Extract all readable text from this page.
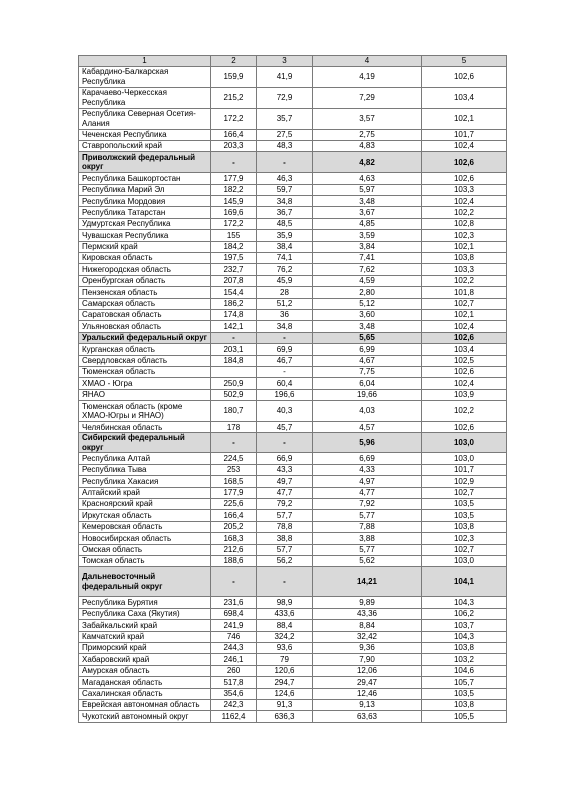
1	2	3	4	5
Кабардино-Балкарская Республика	159,9	41,9	4,19	102,6
Карачаево-Черкесская Республика	215,2	72,9	7,29	103,4
Республика Северная Осетия-Алания	172,2	35,7	3,57	102,1
Чеченская Республика	166,4	27,5	2,75	101,7
Ставропольский край	203,3	48,3	4,83	102,4
Приволжский федеральный округ	-	-	4,82	102,6
Республика Башкортостан	177,9	46,3	4,63	102,6
Республика Марий Эл	182,2	59,7	5,97	103,3
Республика Мордовия	145,9	34,8	3,48	102,4
Республика Татарстан	169,6	36,7	3,67	102,2
Удмуртская Республика	172,2	48,5	4,85	102,8
Чувашская Республика	155	35,9	3,59	102,3
Пермский край	184,2	38,4	3,84	102,1
Кировская область	197,5	74,1	7,41	103,8
Нижегородская область	232,7	76,2	7,62	103,3
Оренбургская область	207,8	45,9	4,59	102,2
Пензенская область	154,4	28	2,80	101,8
Самарская область	186,2	51,2	5,12	102,7
Саратовская область	174,8	36	3,60	102,1
Ульяновская область	142,1	34,8	3,48	102,4
Уральский федеральный округ	-	-	5,65	102,6
Курганская область	203,1	69,9	6,99	103,4
Свердловская область	184,8	46,7	4,67	102,5
Тюменская область		-	7,75	102,6
ХМАО - Югра	250,9	60,4	6,04	102,4
ЯНАО	502,9	196,6	19,66	103,9
Тюменская область (кроме ХМАО-Югры и ЯНАО)	180,7	40,3	4,03	102,2
Челябинская область	178	45,7	4,57	102,6
Сибирский федеральный округ	-	-	5,96	103,0
Республика Алтай	224,5	66,9	6,69	103,0
Республика Тыва	253	43,3	4,33	101,7
Республика Хакасия	168,5	49,7	4,97	102,9
Алтайский край	177,9	47,7	4,77	102,7
Красноярский край	225,6	79,2	7,92	103,5
Иркутская область	166,4	57,7	5,77	103,5
Кемеровская область	205,2	78,8	7,88	103,8
Новосибирская область	168,3	38,8	3,88	102,3
Омская область	212,6	57,7	5,77	102,7
Томская область	188,6	56,2	5,62	103,0
Дальневосточный федеральный округ	-	-	14,21	104,1
Республика Бурятия	231,6	98,9	9,89	104,3
Республика Саха (Якутия)	698,4	433,6	43,36	106,2
Забайкальский край	241,9	88,4	8,84	103,7
Камчатский край	746	324,2	32,42	104,3
Приморский край	244,3	93,6	9,36	103,8
Хабаровский край	246,1	79	7,90	103,2
Амурская область	260	120,6	12,06	104,6
Магаданская область	517,8	294,7	29,47	105,7
Сахалинская область	354,6	124,6	12,46	103,5
Еврейская автономная область	242,3	91,3	9,13	103,8
Чукотский автономный округ	1162,4	636,3	63,63	105,5
